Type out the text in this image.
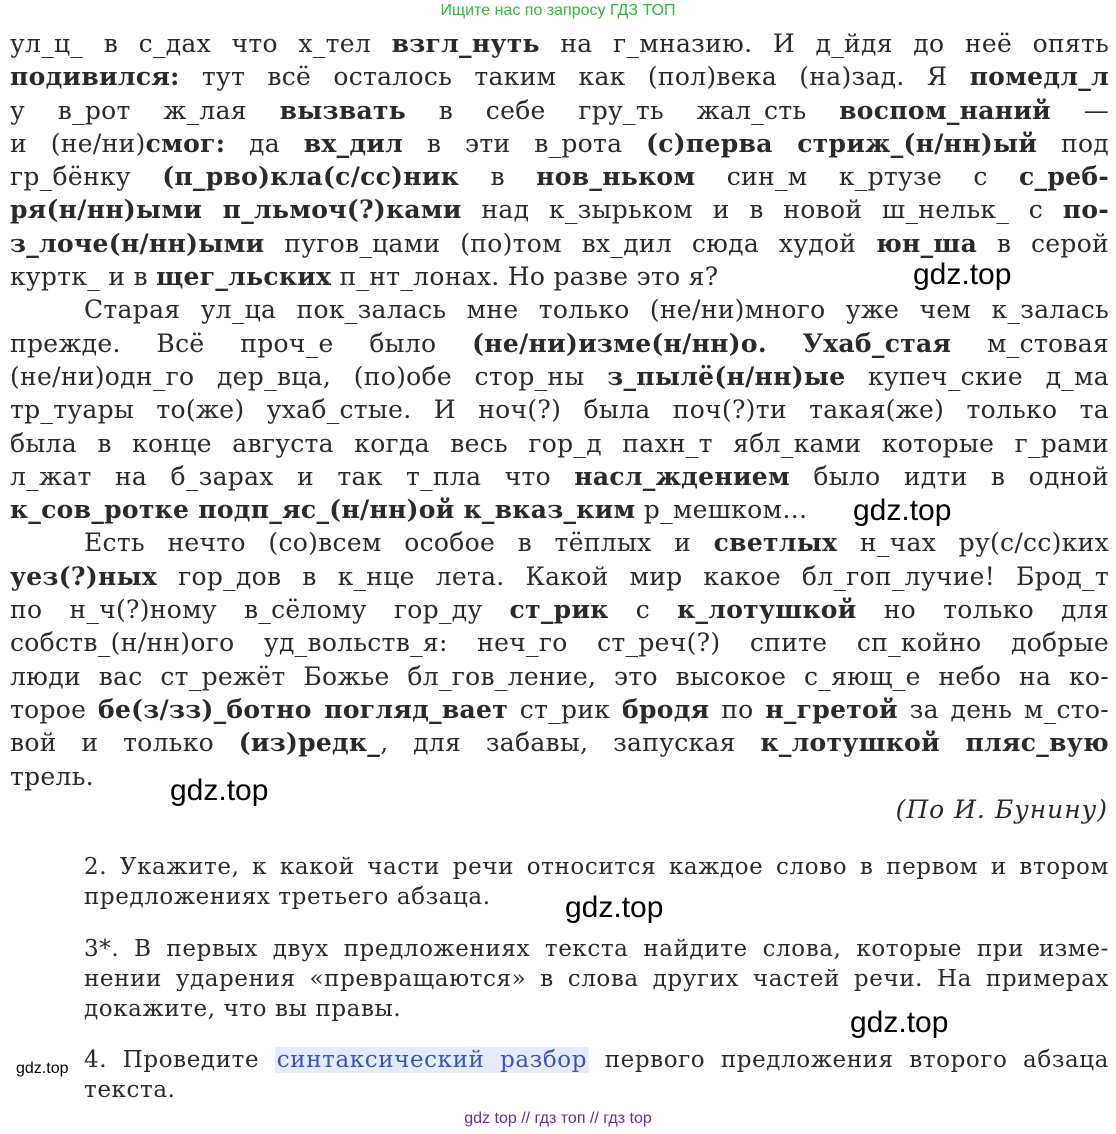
Ищите нас по запросу ГДЗ ТОП
ул_ц_ в с_дах что х_тел взгл_нуть на г_мназию. И д_йдя до неё опять
подивился: тут всё осталось таким как (пол)века (на)зад. Я помедл_л
у в_рот ж_лая вызвать в себе гру_ть жал_сть воспом_наний —
и (не/ни)смог: да вх_дил в эти в_рота (с)перва стриж_(н/нн)ый под
гр_бёнку (п_рво)кла(с/сс)ник в нов_ньком син_м к_ртузе с с_реб-
ря(н/нн)ыми п_льмоч(?)ками над к_зырьком и в новой ш_нельк_ с по-
з_лоче(н/нн)ыми пугов_цами (по)том вх_дил сюда худой юн_ша в серой
куртк_ и в щег_льских п_нт_лонах. Но разве это я?
Старая ул_ца пок_залась мне только (не/ни)много уже чем к_залась
прежде. Всё проч_е было (не/ни)изме(н/нн)о. Ухаб_стая м_стовая
(не/ни)одн_го дер_вца, (по)обе стор_ны з_пылё(н/нн)ые купеч_ские д_ма
тр_туары то(же) ухаб_стые. И ноч(?) была поч(?)ти такая(же) только та
была в конце августа когда весь гор_д пахн_т ябл_ками которые г_рами
л_жат на б_зарах и так т_пла что насл_ждением было идти в одной
к_сов_ротке подп_яс_(н/нн)ой к_вказ_ким р_мешком…
Есть нечто (со)всем особое в тёплых и светлых н_чах ру(с/сс)ких
уез(?)ных гор_дов в к_нце лета. Какой мир какое бл_гоп_лучие! Брод_т
по н_ч(?)ному в_сёлому гор_ду ст_рик с к_лотушкой но только для
собств_(н/нн)ого уд_вольств_я: неч_го ст_реч(?) спите сп_койно добрые
люди вас ст_режёт Божье бл_гов_ление, это высокое с_яющ_е небо на ко-
торое бе(з/зз)_ботно погляд_вает ст_рик бродя по н_гретой за день м_сто-
вой и только (из)редк_, для забавы, запуская к_лотушкой пляс_вую
трель.
(По И. Бунину)
2. Укажите, к какой части речи относится каждое слово в первом и втором
предложениях третьего абзаца.
3*. В первых двух предложениях текста найдите слова, которые при изме-
нении ударения «превращаются» в слова других частей речи. На примерах
докажите, что вы правы.
4. Проведите синтаксический разбор первого предложения второго абзаца
текста.
gdz.top
gdz.top
gdz.top
gdz.top
gdz.top
gdz.top
gdz top // гдз топ // гдз top
